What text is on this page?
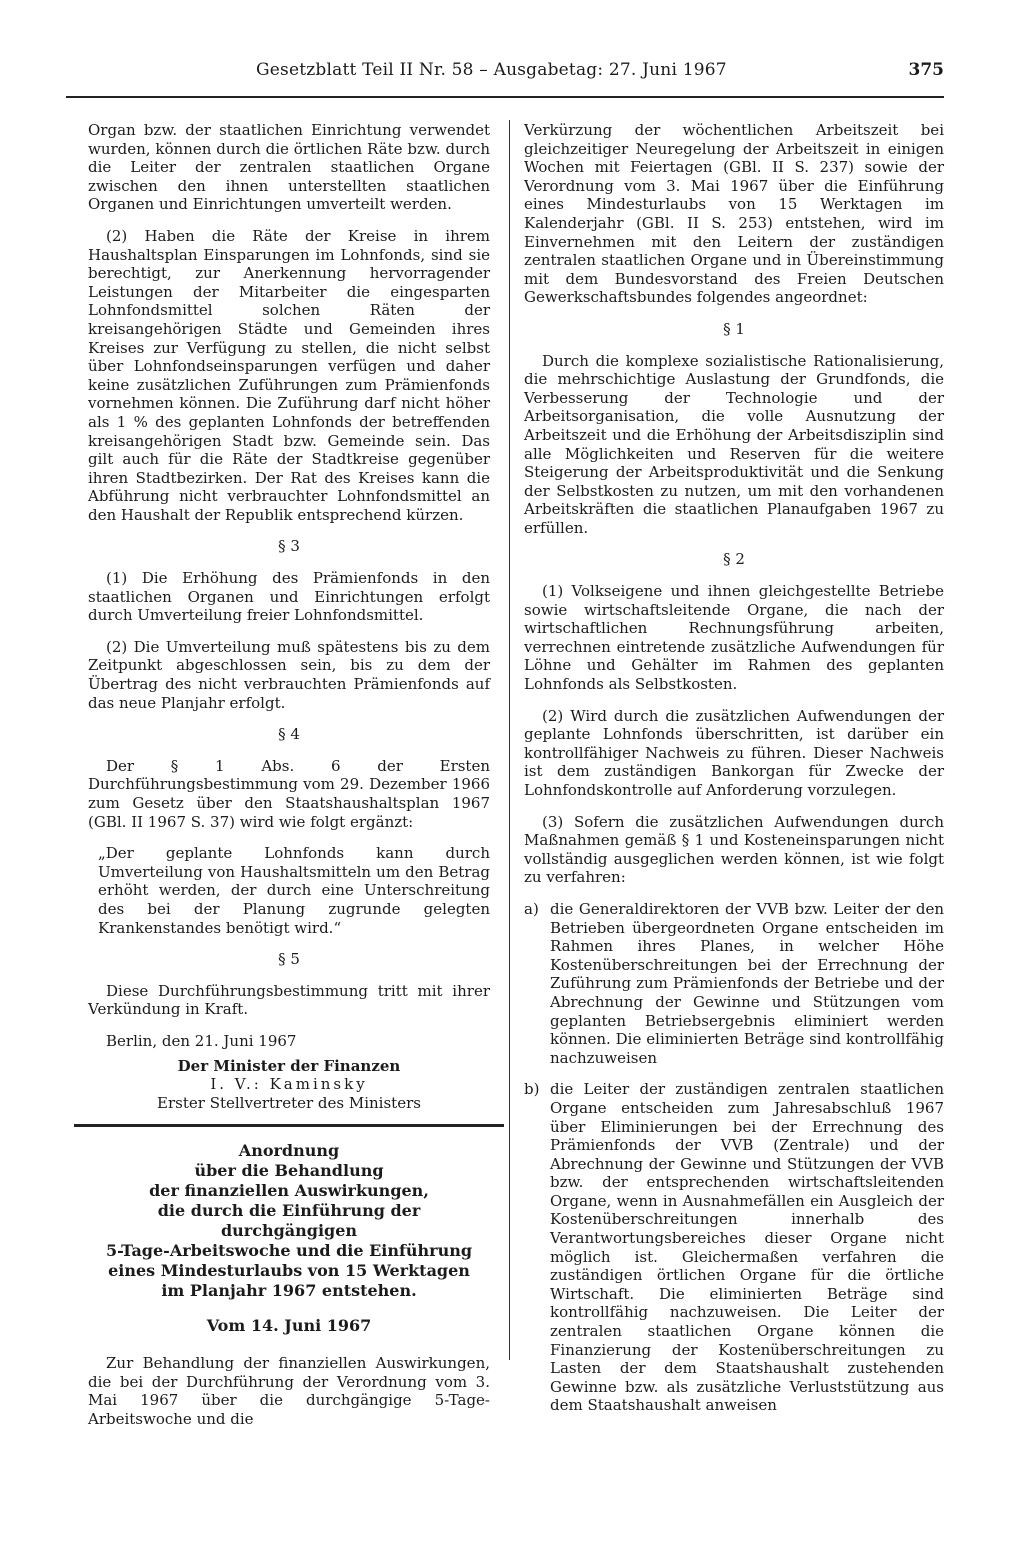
Gesetzblatt Teil II Nr. 58 – Ausgabetag: 27. Juni 1967	375

Organ bzw. der staatlichen Einrichtung verwendet wurden, können durch die örtlichen Räte bzw. durch die Leiter der zentralen staatlichen Organe zwischen den ihnen unterstellten staatlichen Organen und Einrichtungen umverteilt werden.

(2) Haben die Räte der Kreise in ihrem Haushaltsplan Einsparungen im Lohnfonds, sind sie berechtigt, zur Anerkennung hervorragender Leistungen der Mitarbeiter die eingesparten Lohnfondsmittel solchen Räten der kreisangehörigen Städte und Gemeinden ihres Kreises zur Verfügung zu stellen, die nicht selbst über Lohnfondseinsparungen verfügen und daher keine zusätzlichen Zuführungen zum Prämienfonds vornehmen können. Die Zuführung darf nicht höher als 1 % des geplanten Lohnfonds der betreffenden kreisangehörigen Stadt bzw. Gemeinde sein. Das gilt auch für die Räte der Stadtkreise gegenüber ihren Stadtbezirken. Der Rat des Kreises kann die Abführung nicht verbrauchter Lohnfondsmittel an den Haushalt der Republik entsprechend kürzen.

§ 3

(1) Die Erhöhung des Prämienfonds in den staatlichen Organen und Einrichtungen erfolgt durch Umverteilung freier Lohnfondsmittel.

(2) Die Umverteilung muß spätestens bis zu dem Zeitpunkt abgeschlossen sein, bis zu dem der Übertrag des nicht verbrauchten Prämienfonds auf das neue Planjahr erfolgt.

§ 4

Der § 1 Abs. 6 der Ersten Durchführungsbestimmung vom 29. Dezember 1966 zum Gesetz über den Staatshaushaltsplan 1967 (GBl. II 1967 S. 37) wird wie folgt ergänzt:

„Der geplante Lohnfonds kann durch Umverteilung von Haushaltsmitteln um den Betrag erhöht werden, der durch eine Unterschreitung des bei der Planung zugrunde gelegten Krankenstandes benötigt wird.“

§ 5

Diese Durchführungsbestimmung tritt mit ihrer Verkündung in Kraft.

Berlin, den 21. Juni 1967

Der Minister der Finanzen

I. V.: Kaminsky

Erster Stellvertreter des Ministers

Anordnung
über die Behandlung
der finanziellen Auswirkungen,
die durch die Einführung der durchgängigen
5-Tage-Arbeitswoche und die Einführung
eines Mindesturlaubs von 15 Werktagen
im Planjahr 1967 entstehen.

Vom 14. Juni 1967

Zur Behandlung der finanziellen Auswirkungen, die bei der Durchführung der Verordnung vom 3. Mai 1967 über die durchgängige 5-Tage-Arbeitswoche und die

Verkürzung der wöchentlichen Arbeitszeit bei gleichzeitiger Neuregelung der Arbeitszeit in einigen Wochen mit Feiertagen (GBl. II S. 237) sowie der Verordnung vom 3. Mai 1967 über die Einführung eines Mindesturlaubs von 15 Werktagen im Kalenderjahr (GBl. II S. 253) entstehen, wird im Einvernehmen mit den Leitern der zuständigen zentralen staatlichen Organe und in Übereinstimmung mit dem Bundesvorstand des Freien Deutschen Gewerkschaftsbundes folgendes angeordnet:

§ 1

Durch die komplexe sozialistische Rationalisierung, die mehrschichtige Auslastung der Grundfonds, die Verbesserung der Technologie und der Arbeitsorganisation, die volle Ausnutzung der Arbeitszeit und die Erhöhung der Arbeitsdisziplin sind alle Möglichkeiten und Reserven für die weitere Steigerung der Arbeitsproduktivität und die Senkung der Selbstkosten zu nutzen, um mit den vorhandenen Arbeitskräften die staatlichen Planaufgaben 1967 zu erfüllen.

§ 2

(1) Volkseigene und ihnen gleichgestellte Betriebe sowie wirtschaftsleitende Organe, die nach der wirtschaftlichen Rechnungsführung arbeiten, verrechnen eintretende zusätzliche Aufwendungen für Löhne und Gehälter im Rahmen des geplanten Lohnfonds als Selbstkosten.

(2) Wird durch die zusätzlichen Aufwendungen der geplante Lohnfonds überschritten, ist darüber ein kontrollfähiger Nachweis zu führen. Dieser Nachweis ist dem zuständigen Bankorgan für Zwecke der Lohnfondskontrolle auf Anforderung vorzulegen.

(3) Sofern die zusätzlichen Aufwendungen durch Maßnahmen gemäß § 1 und Kosteneinsparungen nicht vollständig ausgeglichen werden können, ist wie folgt zu verfahren:

a) die Generaldirektoren der VVB bzw. Leiter der den Betrieben übergeordneten Organe entscheiden im Rahmen ihres Planes, in welcher Höhe Kostenüberschreitungen bei der Errechnung der Zuführung zum Prämienfonds der Betriebe und der Abrechnung der Gewinne und Stützungen vom geplanten Betriebsergebnis eliminiert werden können. Die eliminierten Beträge sind kontrollfähig nachzuweisen
b) die Leiter der zuständigen zentralen staatlichen Organe entscheiden zum Jahresabschluß 1967 über Eliminierungen bei der Errechnung des Prämienfonds der VVB (Zentrale) und der Abrechnung der Gewinne und Stützungen der VVB bzw. der entsprechenden wirtschaftsleitenden Organe, wenn in Ausnahmefällen ein Ausgleich der Kostenüberschreitungen innerhalb des Verantwortungsbereiches dieser Organe nicht möglich ist. Gleichermaßen verfahren die zuständigen örtlichen Organe für die örtliche Wirtschaft. Die eliminierten Beträge sind kontrollfähig nachzuweisen. Die Leiter der zentralen staatlichen Organe können die Finanzierung der Kostenüberschreitungen zu Lasten der dem Staatshaushalt zustehenden Gewinne bzw. als zusätzliche Verluststützung aus dem Staatshaushalt anweisen
